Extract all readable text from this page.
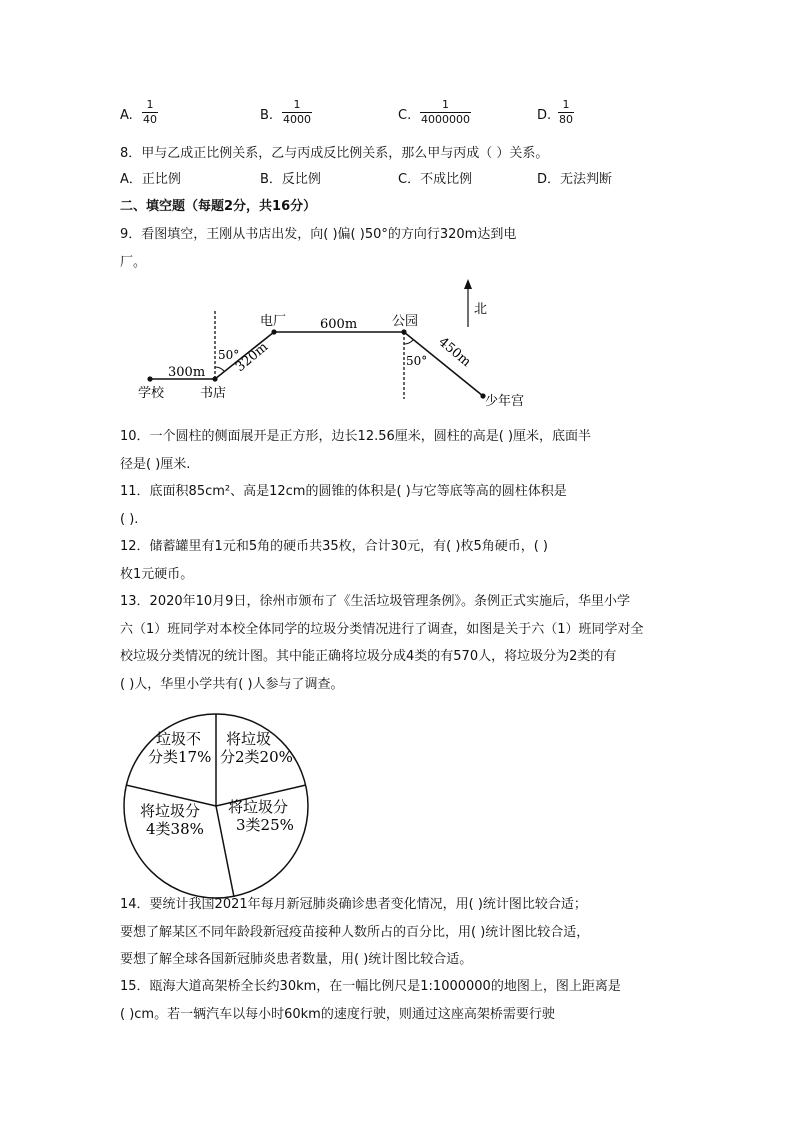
A. $\frac{1}{40}$	B. $\frac{1}{4000}$	C. $\frac{1}{4000000}$	D. $\frac{1}{80}$
8．甲与乙成正比例关系，乙与丙成反比例关系，那么甲与丙成（ ）关系。
A．正比例	B．反比例	C．不成比例	D．无法判断
二、填空题（每题2分，共16分）
9．看图填空，王刚从书店出发，向( )偏( )50°的方向行320m达到电
厂。
北
学校	书店
电厂	公园
少年宫
300m
600m
320m	450m
50°	50°
10．一个圆柱的侧面展开是正方形，边长12.56厘米，圆柱的高是( )厘米，底面半
径是( )厘米.
11．底面积85cm²、高是12cm的圆锥的体积是( )与它等底等高的圆柱体积是
( ).
12．储蓄罐里有1元和5角的硬币共35枚，合计30元，有( )枚5角硬币，( )
枚1元硬币。
13．2020年10月9日，徐州市颁布了《生活垃圾管理条例》。条例正式实施后，华里小学
六（1）班同学对本校全体同学的垃圾分类情况进行了调查，如图是关于六（1）班同学对全
校垃圾分类情况的统计图。其中能正确将垃圾分成4类的有570人，将垃圾分为2类的有
( )人，华里小学共有( )人参与了调查。
垃圾不
分类17%
将垃圾
分2类20%
将垃圾分
3类25%
将垃圾分
4类38%
14．要统计我国2021年每月新冠肺炎确诊患者变化情况，用( )统计图比较合适；
要想了解某区不同年龄段新冠疫苗接种人数所占的百分比，用( )统计图比较合适，
要想了解全球各国新冠肺炎患者数量，用( )统计图比较合适。
15．瓯海大道高架桥全长约30km，在一幅比例尺是1:1000000的地图上，图上距离是
( )cm。若一辆汽车以每小时60km的速度行驶，则通过这座高架桥需要行驶
